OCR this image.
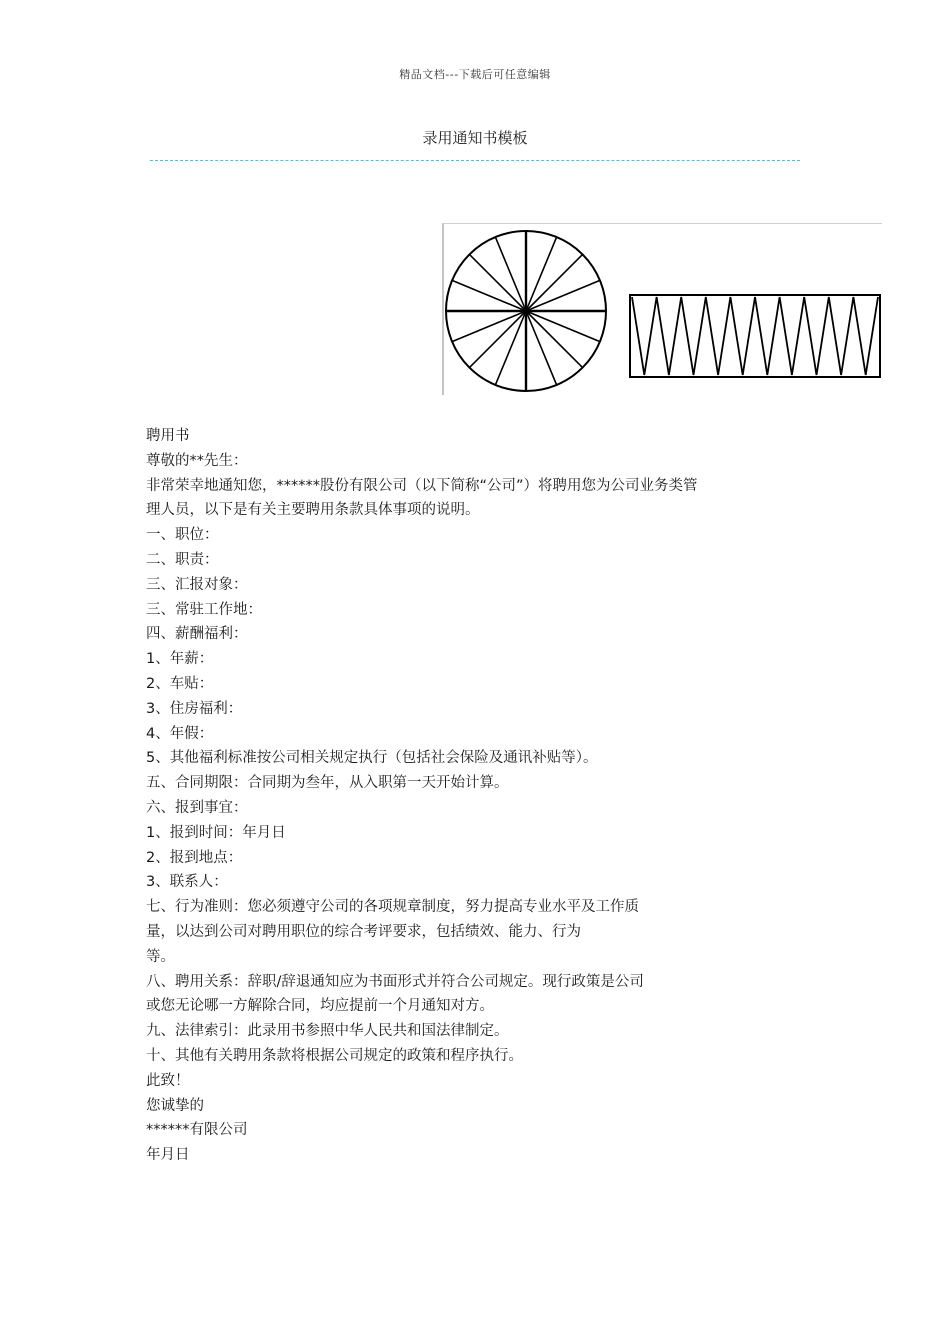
精品文档---下载后可任意编辑
录用通知书模板
聘用书
尊敬的**先生：
非常荣幸地通知您，******股份有限公司（以下简称“公司”）将聘用您为公司业务类管
理人员，以下是有关主要聘用条款具体事项的说明。
一、职位：
二、职责：
三、汇报对象：
三、常驻工作地：
四、薪酬福利：
1、年薪：
2、车贴：
3、住房福利：
4、年假：
5、其他福利标准按公司相关规定执行（包括社会保险及通讯补贴等）。
五、合同期限：合同期为叁年，从入职第一天开始计算。
六、报到事宜：
1、报到时间：年月日
2、报到地点：
3、联系人：
七、行为准则：您必须遵守公司的各项规章制度，努力提高专业水平及工作质
量，以达到公司对聘用职位的综合考评要求，包括绩效、能力、行为
等。
八、聘用关系：辞职/辞退通知应为书面形式并符合公司规定。现行政策是公司
或您无论哪一方解除合同，均应提前一个月通知对方。
九、法律索引：此录用书参照中华人民共和国法律制定。
十、其他有关聘用条款将根据公司规定的政策和程序执行。
此致！
您诚挚的
******有限公司
年月日
